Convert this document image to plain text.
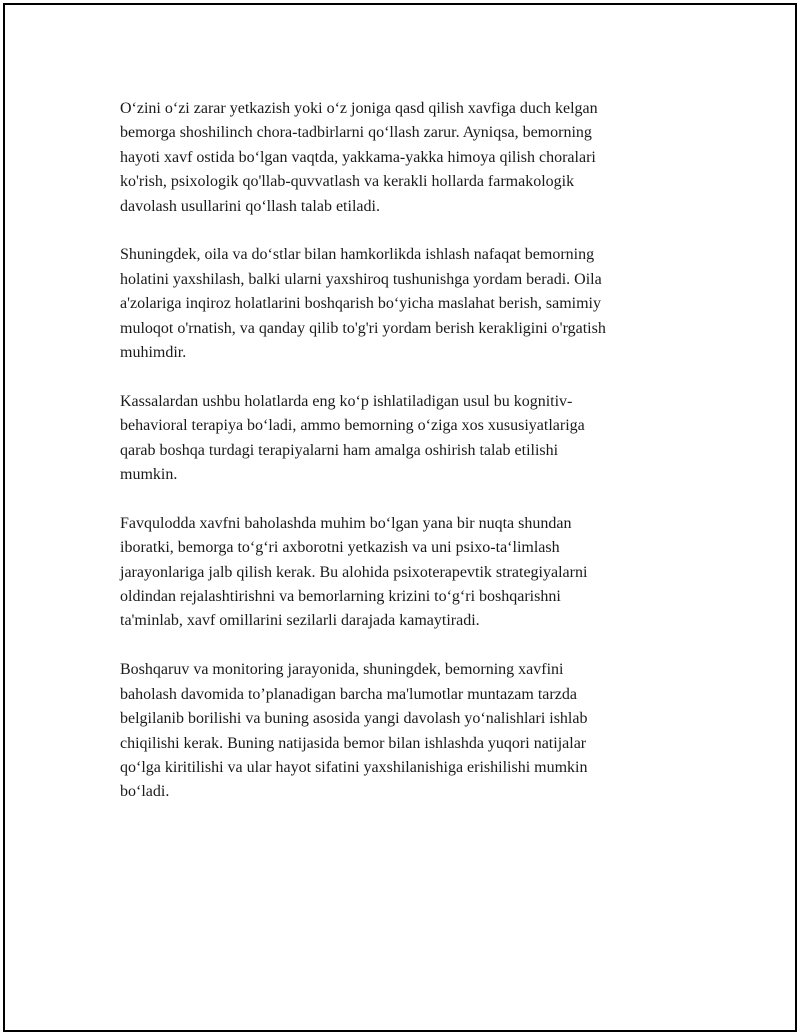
O‘zini o‘zi zarar yetkazish yoki o‘z joniga qasd qilish xavfiga duch kelgan
bemorga shoshilinch chora-tadbirlarni qo‘llash zarur. Ayniqsa, bemorning
hayoti xavf ostida bo‘lgan vaqtda, yakkama-yakka himoya qilish choralari
ko'rish, psixologik qo'llab-quvvatlash va kerakli hollarda farmakologik
davolash usullarini qo‘llash talab etiladi.

Shuningdek, oila va do‘stlar bilan hamkorlikda ishlash nafaqat bemorning
holatini yaxshilash, balki ularni yaxshiroq tushunishga yordam beradi. Oila
a'zolariga inqiroz holatlarini boshqarish bo‘yicha maslahat berish, samimiy
muloqot o'rnatish, va qanday qilib to'g'ri yordam berish kerakligini o'rgatish
muhimdir.

Kassalardan ushbu holatlarda eng ko‘p ishlatiladigan usul bu kognitiv-
behavioral terapiya bo‘ladi, ammo bemorning o‘ziga xos xususiyatlariga
qarab boshqa turdagi terapiyalarni ham amalga oshirish talab etilishi
mumkin.

Favqulodda xavfni baholashda muhim bo‘lgan yana bir nuqta shundan
iboratki, bemorga to‘g‘ri axborotni yetkazish va uni psixo-ta‘limlash
jarayonlariga jalb qilish kerak. Bu alohida psixoterapevtik strategiyalarni
oldindan rejalashtirishni va bemorlarning krizini to‘g‘ri boshqarishni
ta'minlab, xavf omillarini sezilarli darajada kamaytiradi.

Boshqaruv va monitoring jarayonida, shuningdek, bemorning xavfini
baholash davomida to’planadigan barcha ma'lumotlar muntazam tarzda
belgilanib borilishi va buning asosida yangi davolash yo‘nalishlari ishlab
chiqilishi kerak. Buning natijasida bemor bilan ishlashda yuqori natijalar
qo‘lga kiritilishi va ular hayot sifatini yaxshilanishiga erishilishi mumkin
bo‘ladi.
